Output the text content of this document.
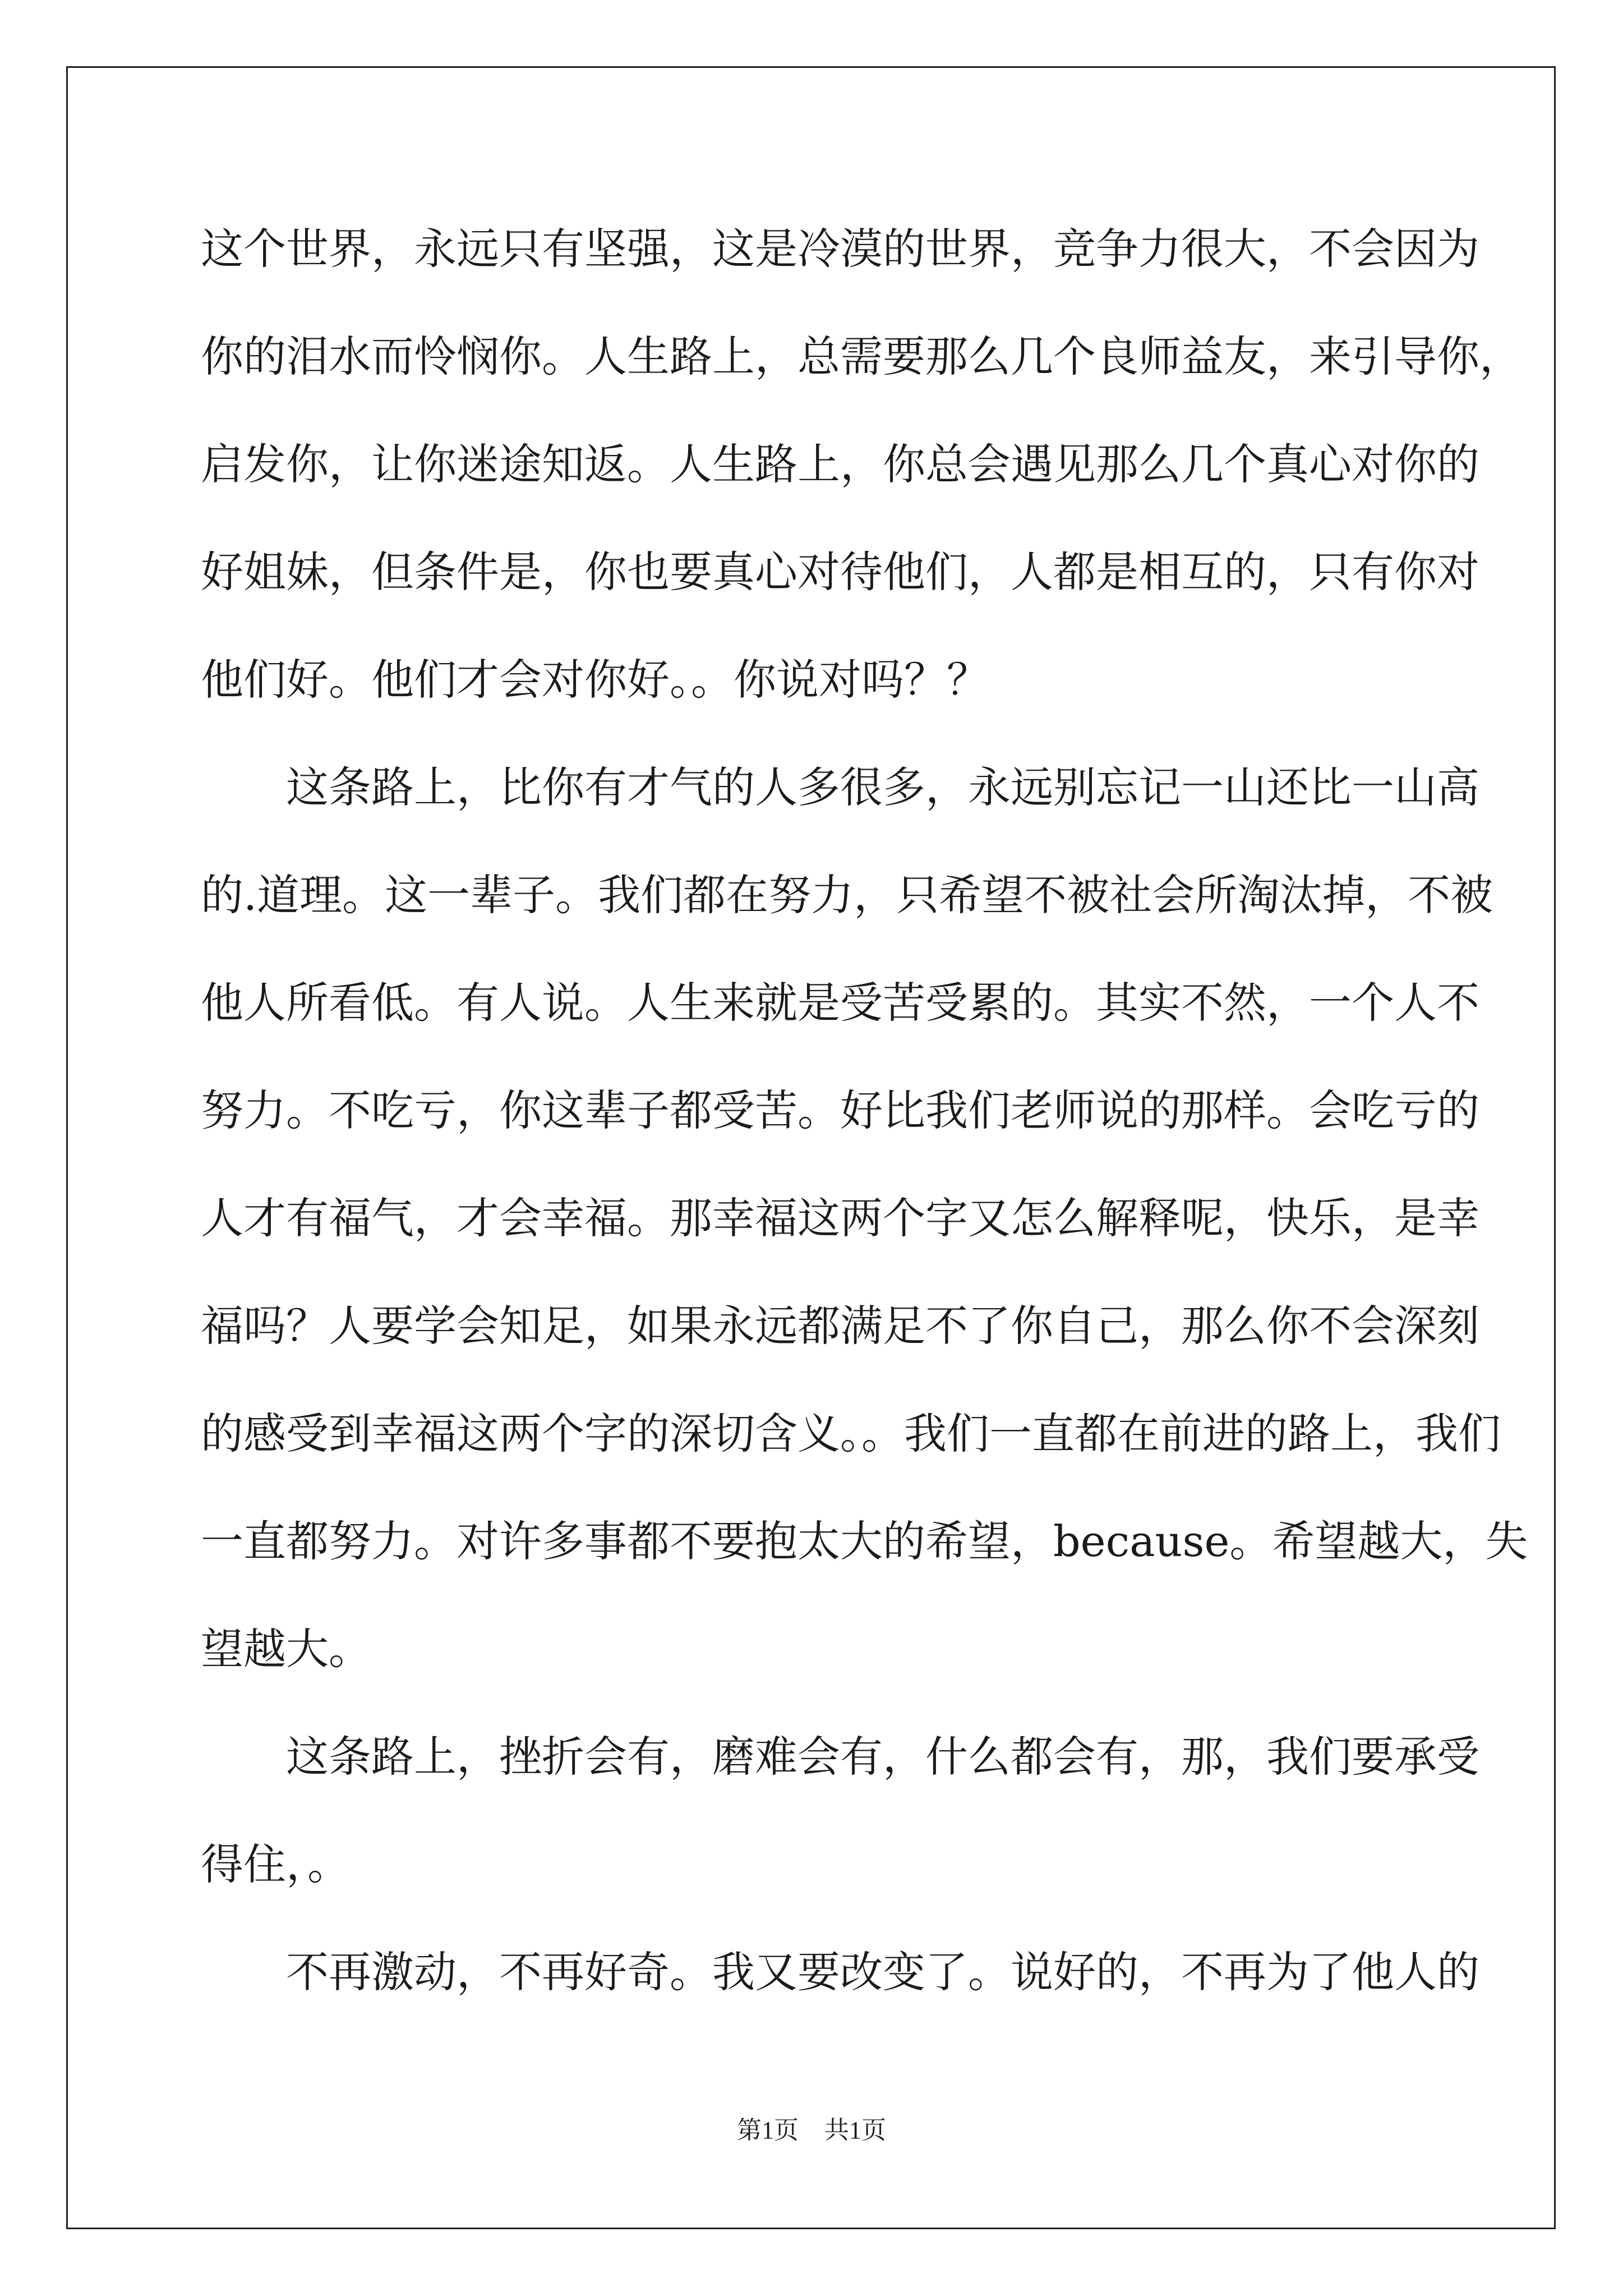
这个世界，永远只有坚强，这是冷漠的世界，竞争力很大，不会因为
你的泪水而怜悯你。人生路上，总需要那么几个良师益友，来引导你，
启发你，让你迷途知返。人生路上，你总会遇见那么几个真心对你的
好姐妹，但条件是，你也要真心对待他们，人都是相互的，只有你对
他们好。他们才会对你好。。你说对吗？？
　　这条路上，比你有才气的人多很多，永远别忘记一山还比一山高
的.道理。这一辈子。我们都在努力，只希望不被社会所淘汰掉，不被
他人所看低。有人说。人生来就是受苦受累的。其实不然，一个人不
努力。不吃亏，你这辈子都受苦。好比我们老师说的那样。会吃亏的
人才有福气，才会幸福。那幸福这两个字又怎么解释呢，快乐，是幸
福吗？人要学会知足，如果永远都满足不了你自己，那么你不会深刻
的感受到幸福这两个字的深切含义。。我们一直都在前进的路上，我们
一直都努力。对许多事都不要抱太大的希望，because。希望越大，失
望越大。
　　这条路上，挫折会有，磨难会有，什么都会有，那，我们要承受
得住，。
　　不再激动，不再好奇。我又要改变了。说好的，不再为了他人的
第1页 共1页
